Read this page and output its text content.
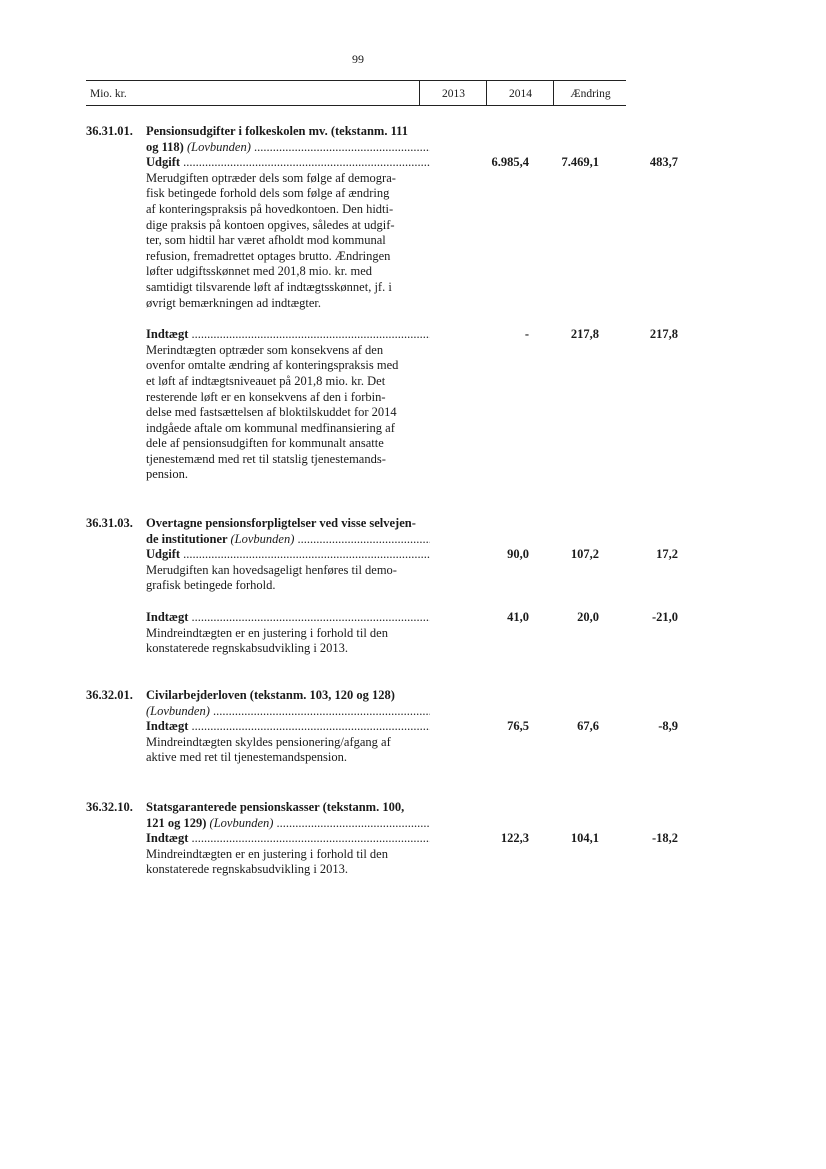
99
Mio. kr.	2013	2014	Ændring
36.31.01. Pensionsudgifter i folkeskolen mv. (tekstanm. 111
og 118) (Lovbunden) .....
Udgift .....	6.985,4	7.469,1	483,7
Merudgiften optræder dels som følge af demogra-
fisk betingede forhold dels som følge af ændring
af konteringspraksis på hovedkontoen. Den hidti-
dige praksis på kontoen opgives, således at udgif-
ter, som hidtil har været afholdt mod kommunal
refusion, fremadrettet optages brutto. Ændringen
løfter udgiftsskønnet med 201,8 mio. kr. med
samtidigt tilsvarende løft af indtægtsskønnet, jf. i
øvrigt bemærkningen ad indtægter.
Indtægt .....	-	217,8	217,8
Merindtægten optræder som konsekvens af den
ovenfor omtalte ændring af konteringspraksis med
et løft af indtægtsniveauet på 201,8 mio. kr. Det
resterende løft er en konsekvens af den i forbin-
delse med fastsættelsen af bloktilskuddet for 2014
indgåede aftale om kommunal medfinansiering af
dele af pensionsudgiften for kommunalt ansatte
tjenestemænd med ret til statslig tjenestemands-
pension.
36.31.03. Overtagne pensionsforpligtelser ved visse selvejen-
de institutioner (Lovbunden) .....
Udgift .....	90,0	107,2	17,2
Merudgiften kan hovedsageligt henføres til demo-
grafisk betingede forhold.
Indtægt .....	41,0	20,0	-21,0
Mindreindtægten er en justering i forhold til den
konstaterede regnskabsudvikling i 2013.
36.32.01. Civilarbejderloven (tekstanm. 103, 120 og 128)
(Lovbunden) .....
Indtægt .....	76,5	67,6	-8,9
Mindreindtægten skyldes pensionering/afgang af
aktive med ret til tjenestemandspension.
36.32.10. Statsgaranterede pensionskasser (tekstanm. 100,
121 og 129) (Lovbunden) .....
Indtægt .....	122,3	104,1	-18,2
Mindreindtægten er en justering i forhold til den
konstaterede regnskabsudvikling i 2013.
